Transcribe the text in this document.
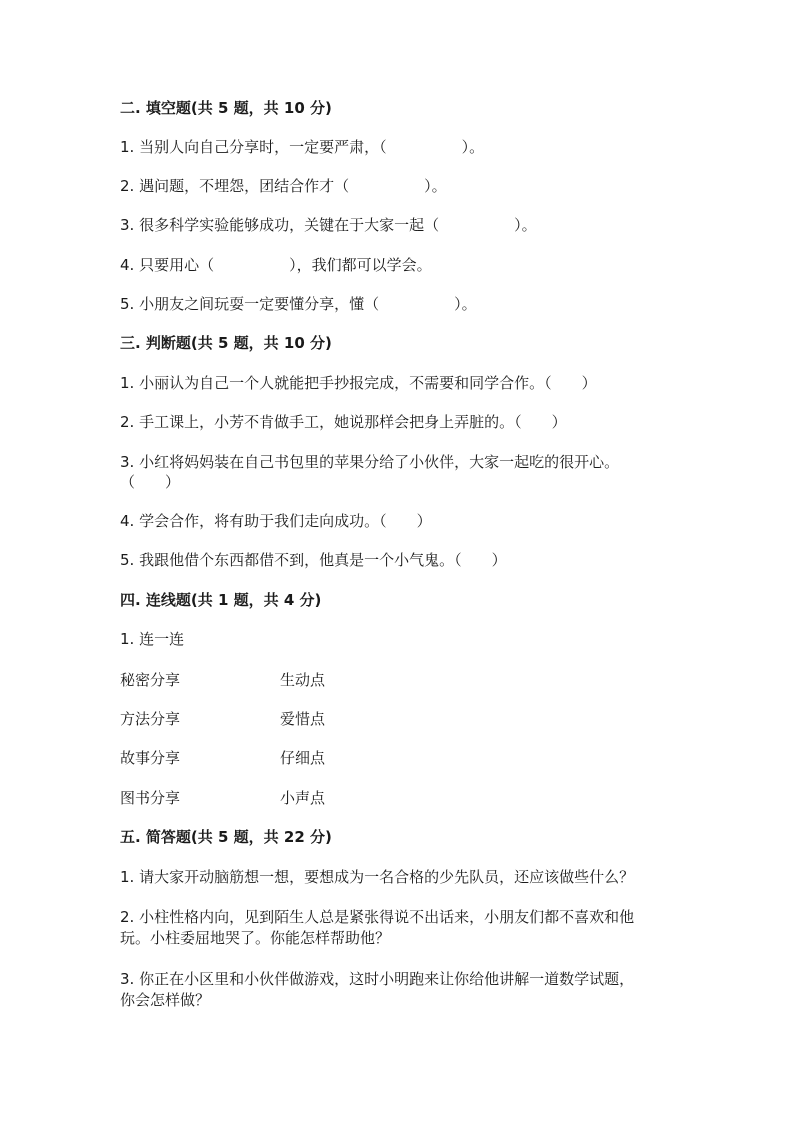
二. 填空题(共 5 题，共 10 分)
1. 当别人向自己分享时，一定要严肃，（　　　　　）。
2. 遇问题，不埋怨，团结合作才（　　　　　）。
3. 很多科学实验能够成功，关键在于大家一起（　　　　　）。
4. 只要用心（　　　　　），我们都可以学会。
5. 小朋友之间玩耍一定要懂分享，懂（　　　　　）。
三. 判断题(共 5 题，共 10 分)
1. 小丽认为自己一个人就能把手抄报完成，不需要和同学合作。（　　）
2. 手工课上，小芳不肯做手工，她说那样会把身上弄脏的。（　　）
3. 小红将妈妈装在自己书包里的苹果分给了小伙伴，大家一起吃的很开心。
（　　）
4. 学会合作，将有助于我们走向成功。（　　）
5. 我跟他借个东西都借不到，他真是一个小气鬼。（　　）
四. 连线题(共 1 题，共 4 分)
1. 连一连
秘密分享	生动点
方法分享	爱惜点
故事分享	仔细点
图书分享	小声点
五. 简答题(共 5 题，共 22 分)
1. 请大家开动脑筋想一想，要想成为一名合格的少先队员，还应该做些什么？
2. 小柱性格内向，见到陌生人总是紧张得说不出话来，小朋友们都不喜欢和他
玩。小柱委屈地哭了。你能怎样帮助他？
3. 你正在小区里和小伙伴做游戏，这时小明跑来让你给他讲解一道数学试题，
你会怎样做？
